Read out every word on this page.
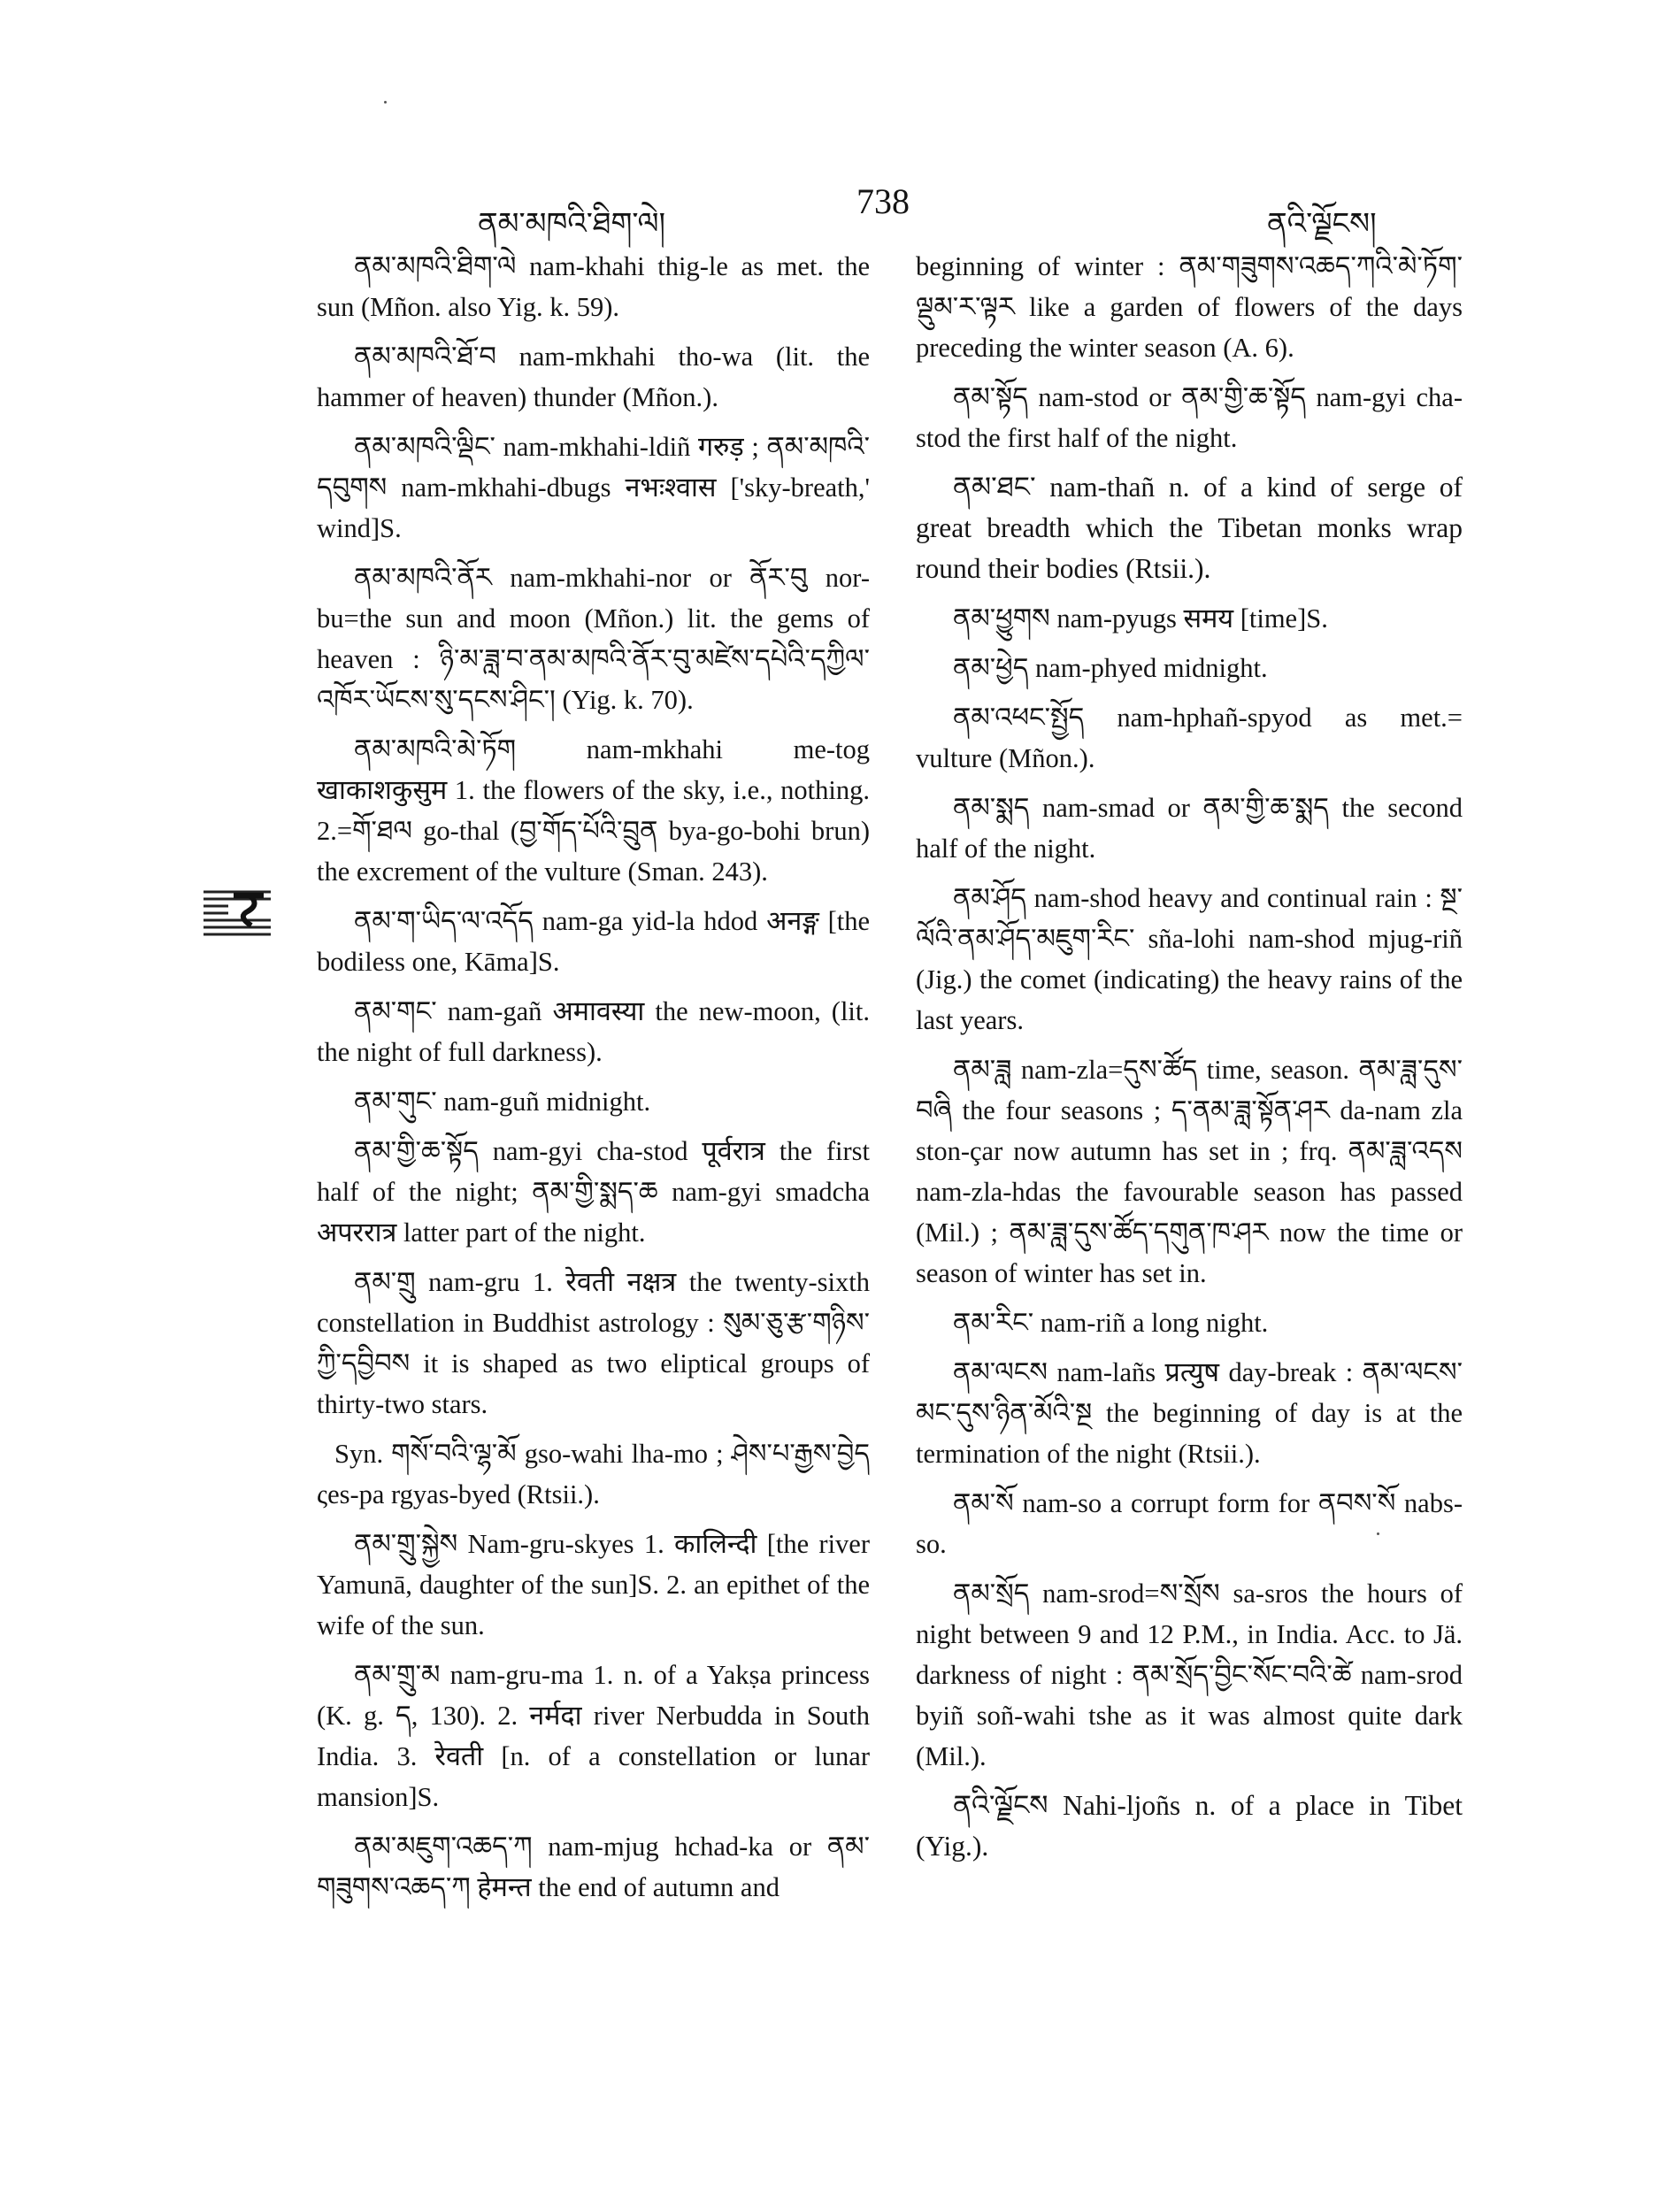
ནམ་མཁའི་ཐིག་ལེ།
738
ནའི་ལྗོངས།

ནམ་མཁའི་ཐིག་ལེ nam-khahi thig-le as met. the sun (Mñon. also Yig. k. 59).

ནམ་མཁའི་ཐོ་བ nam-mkhahi tho-wa (lit. the hammer of heaven) thunder (Mñon.).

ནམ་མཁའི་ལྡིང་ nam-mkhahi-ldiñ गरुड़ ; ནམ་མཁའི་དབུགས nam-mkhahi-dbugs नभःश्वास ['sky-breath,' wind]S.

ནམ་མཁའི་ནོར nam-mkhahi-nor or ནོར་བུ nor-bu=the sun and moon (Mñon.) lit. the gems of heaven : ཉི་མ་ཟླ་བ་ནམ་མཁའི་ནོར་བུ་མཛེས་དཔེའི་དཀྱིལ་འཁོར་ཡོངས་སུ་དངས་ཤིང་། (Yig. k. 70).

ནམ་མཁའི་མེ་ཏོག nam-mkhahi me-tog खाकाशकुसुम 1. the flowers of the sky, i.e., nothing. 2.=གོ་ཐལ go-thal (བྱ་གོད་པོའི་བྲུན bya-go-bohi brun) the excrement of the vulture (Sman. 243).

ནམ་ག་ཡིད་ལ་འདོད nam-ga yid-la hdod अनङ्ग [the bodiless one, Kāma]S.

ནམ་གང་ nam-gañ अमावस्या the new-moon, (lit. the night of full darkness).

ནམ་གུང་ nam-guñ midnight.

ནམ་གྱི་ཆ་སྟོད nam-gyi cha-stod पूर्वरात्र the first half of the night; ནམ་གྱི་སྨད་ཆ nam-gyi smadcha अपररात्र latter part of the night.

ནམ་གྲུ nam-gru 1. रेवती नक्षत्र the twenty-sixth constellation in Buddhist astrology : སུམ་ཅུ་རྩ་གཉིས་ཀྱི་དབྱིབས it is shaped as two eliptical groups of thirty-two stars.

Syn. གསོ་བའི་ལྷ་མོ gso-wahi lha-mo ; ཤེས་པ་རྒྱས་བྱེད ςes-pa rgyas-byed (Rtsii.).

ནམ་གྲུ་སྐྱེས Nam-gru-skyes 1. कालिन्दी [the river Yamunā, daughter of the sun]S. 2. an epithet of the wife of the sun.

ནམ་གྲུ་མ nam-gru-ma 1. n. of a Yakṣa princess (K. g. ད, 130). 2. नर्मदा river Nerbudda in South India. 3. रेवती [n. of a constellation or lunar mansion]S.

ནམ་མཇུག་འཆད་ཀ nam-mjug hchad-ka or ནམ་གཟུགས་འཆད་ཀ हेमन्त the end of autumn and

beginning of winter : ནམ་གཟུགས་འཆད་ཀའི་མེ་ཏོག་ལྡུམ་ར་ལྟར like a garden of flowers of the days preceding the winter season (A. 6).

ནམ་སྟོད nam-stod or ནམ་གྱི་ཆ་སྟོད nam-gyi cha-stod the first half of the night.

ནམ་ཐང་ nam-thañ n. of a kind of serge of great breadth which the Tibetan monks wrap round their bodies (Rtsii.).

ནམ་ཕྱུགས nam-pyugs समय [time]S.

ནམ་ཕྱེད nam-phyed midnight.

ནམ་འཕང་སྤྱོད nam-hphañ-spyod as met.= vulture (Mñon.).

ནམ་སྨད nam-smad or ནམ་གྱི་ཆ་སྨད the second half of the night.

ནམ་ཤོད nam-shod heavy and continual rain : སྔ་ལོའི་ནམ་ཤོད་མཇུག་རིང་ sña-lohi nam-shod mjug-riñ (Jig.) the comet (indicating) the heavy rains of the last years.

ནམ་ཟླ nam-zla=དུས་ཚོད time, season. ནམ་ཟླ་དུས་བཞི the four seasons ; ད་ནམ་ཟླ་སྟོན་ཤར da-nam zla ston-çar now autumn has set in ; frq. ནམ་ཟླ་འདས nam-zla-hdas the favourable season has passed (Mil.) ; ནམ་ཟླ་དུས་ཚོད་དགུན་ཁ་ཤར now the time or season of winter has set in.

ནམ་རིང་ nam-riñ a long night.

ནམ་ལངས nam-lañs प्रत्युष day-break : ནམ་ལངས་མང་དུས་ཉིན་མོའི་སྔ the beginning of day is at the termination of the night (Rtsii.).

ནམ་སོ nam-so a corrupt form for ནབས་སོ nabs-so.

ནམ་སྲོད nam-srod=ས་སྲོས sa-sros the hours of night between 9 and 12 P.M., in India. Acc. to Jä. darkness of night : ནམ་སྲོད་བྱིང་སོང་བའི་ཚེ nam-srod byiñ soñ-wahi tshe as it was almost quite dark (Mil.).

ནའི་ལྗོངས Nahi-ljoñs n. of a place in Tibet (Yig.).
